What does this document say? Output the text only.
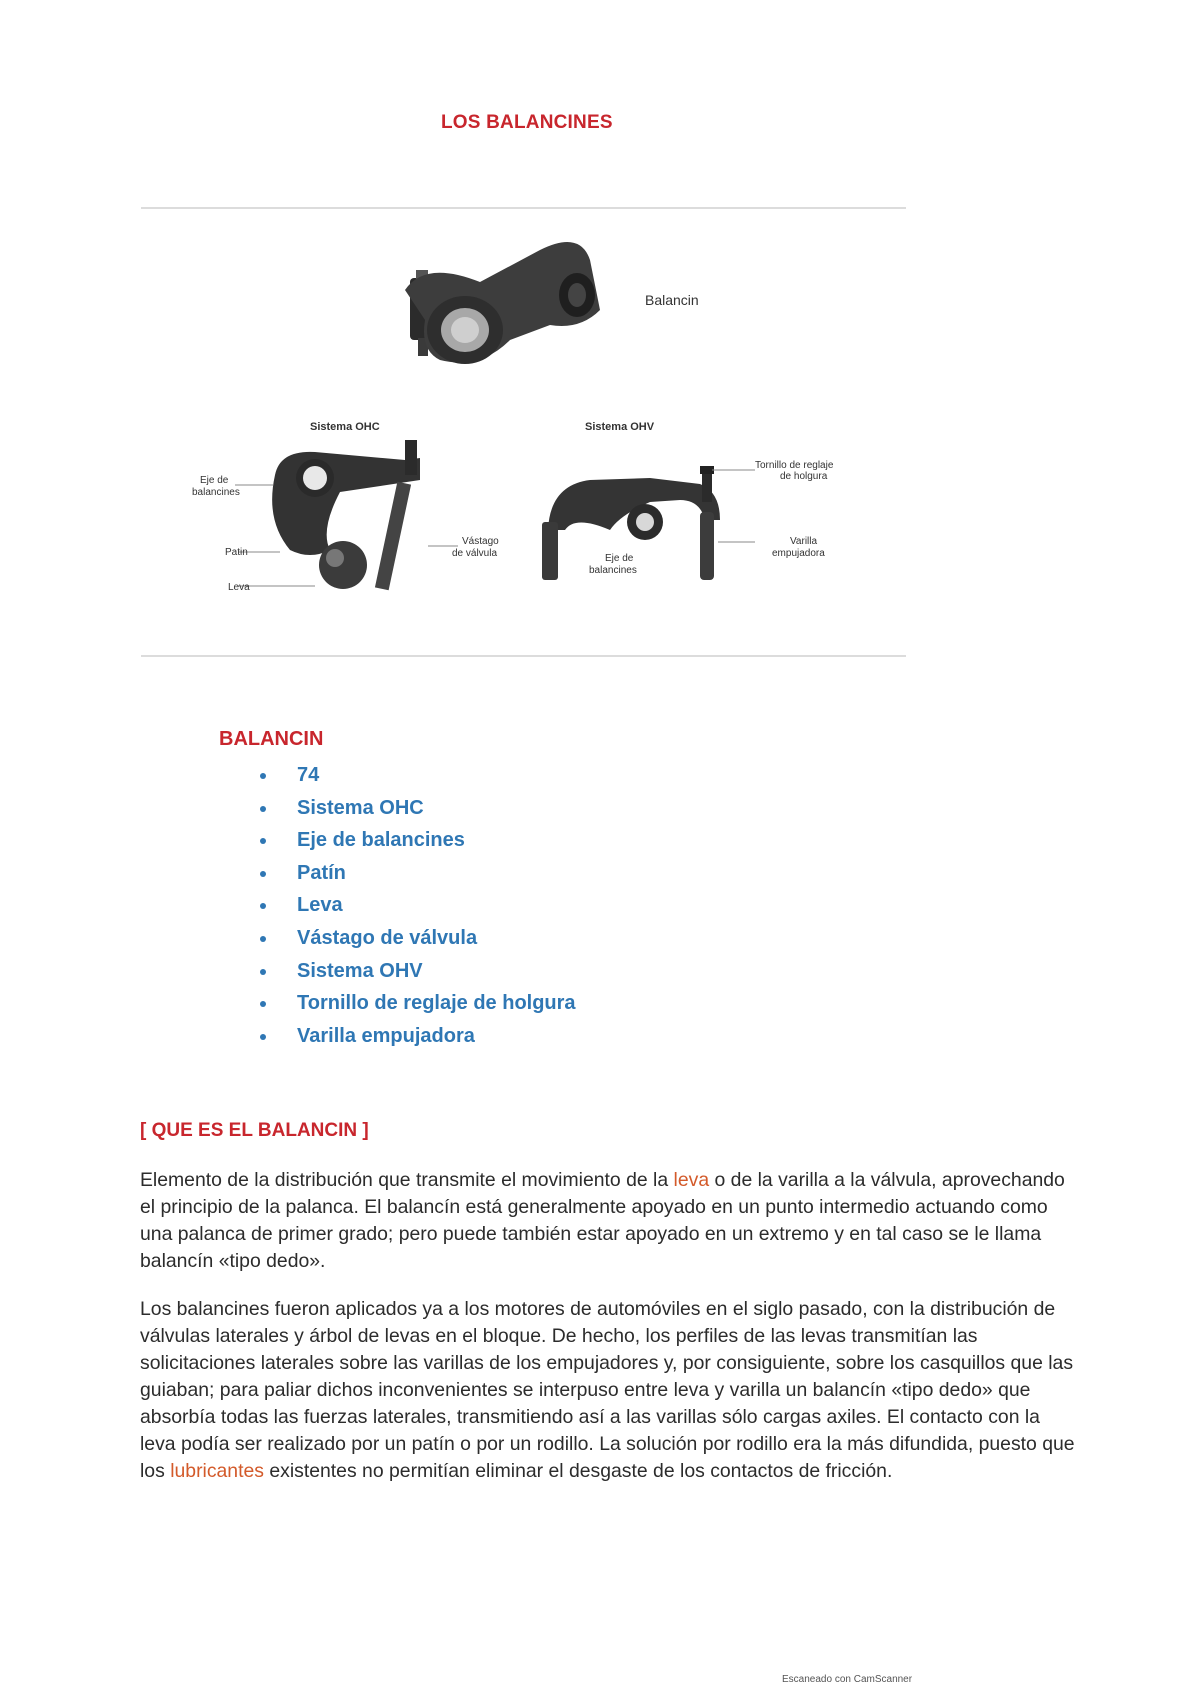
LOS BALANCINES
Balancin
Sistema OHC	Sistema OHV
Eje de
balancines
Patin
Leva
Vástago
de válvula
Tornillo de reglaje
de holgura
Varilla
empujadora
Eje de
balancines
BALANCIN
74
Sistema OHC
Eje de balancines
Patín
Leva
Vástago de válvula
Sistema OHV
Tornillo de reglaje de holgura
Varilla empujadora
[ QUE ES EL BALANCIN ]

Elemento de la distribución que transmite el movimiento de la leva o de la varilla a la válvula, aprovechando el principio de la palanca. El balancín está generalmente apoyado en un punto intermedio actuando como una palanca de primer grado; pero puede también estar apoyado en un extremo y en tal caso se le llama balancín «tipo dedo».

Los balancines fueron aplicados ya a los motores de automóviles en el siglo pasado, con la distribución de válvulas laterales y árbol de levas en el bloque. De hecho, los perfiles de las levas transmitían las solicitaciones laterales sobre las varillas de los empujadores y, por consiguiente, sobre los casquillos que las guiaban; para paliar dichos inconvenientes se interpuso entre leva y varilla un balancín «tipo dedo» que absorbía todas las fuerzas laterales, transmitiendo así a las varillas sólo cargas axiles. El contacto con la leva podía ser realizado por un patín o por un rodillo. La solución por rodillo era la más difundida, puesto que los lubricantes existentes no permitían eliminar el desgaste de los contactos de fricción.

Escaneado con CamScanner
